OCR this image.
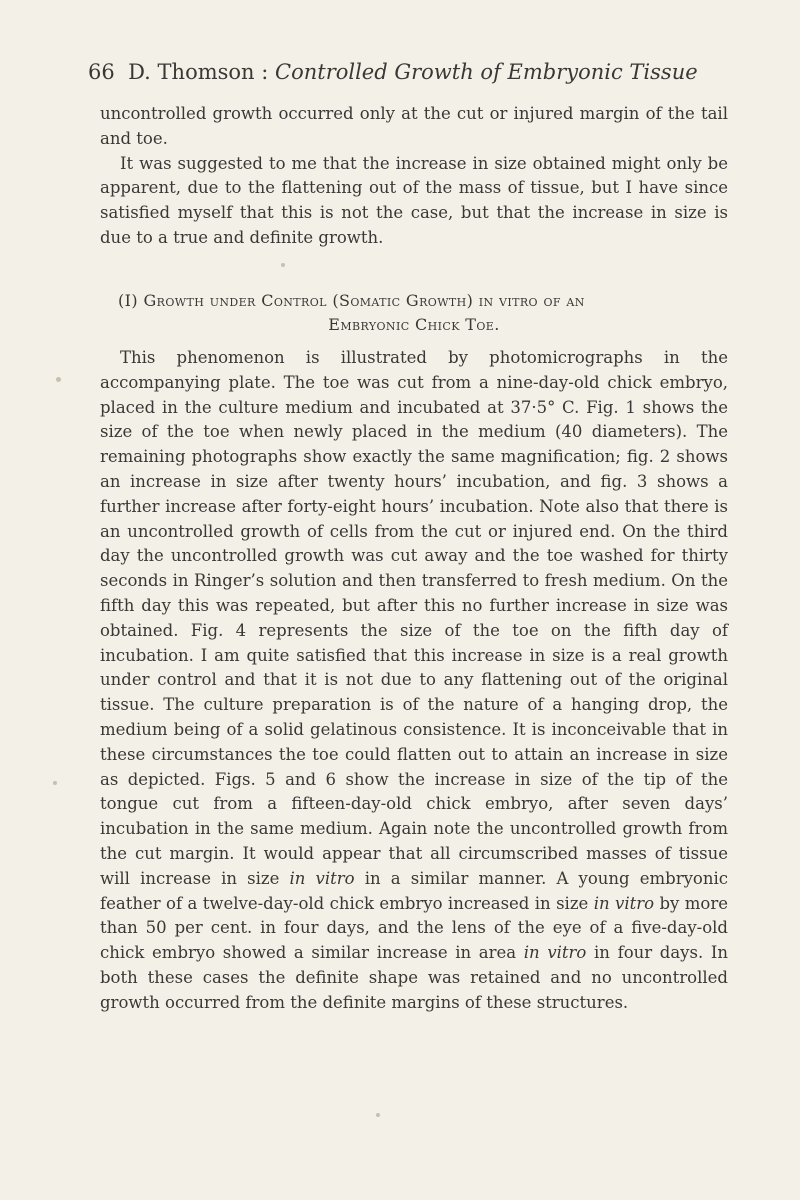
66 D. Thomson : Controlled Growth of Embryonic Tissue

uncontrolled growth occurred only at the cut or injured margin of the tail and toe.

It was suggested to me that the increase in size obtained might only be apparent, due to the flattening out of the mass of tissue, but I have since satisfied myself that this is not the case, but that the increase in size is due to a true and definite growth.

(I) Growth under Control (Somatic Growth) in vitro of an
Embryonic Chick Toe.

This phenomenon is illustrated by photomicrographs in the accompanying plate. The toe was cut from a nine-day-old chick embryo, placed in the culture medium and incubated at 37·5° C. Fig. 1 shows the size of the toe when newly placed in the medium (40 diameters). The remaining photographs show exactly the same magnification; fig. 2 shows an increase in size after twenty hours’ incubation, and fig. 3 shows a further increase after forty-eight hours’ incubation. Note also that there is an uncontrolled growth of cells from the cut or injured end. On the third day the uncontrolled growth was cut away and the toe washed for thirty seconds in Ringer’s solution and then transferred to fresh medium. On the fifth day this was repeated, but after this no further increase in size was obtained. Fig. 4 represents the size of the toe on the fifth day of incubation. I am quite satisfied that this increase in size is a real growth under control and that it is not due to any flattening out of the original tissue. The culture preparation is of the nature of a hanging drop, the medium being of a solid gelatinous consistence. It is inconceivable that in these circumstances the toe could flatten out to attain an increase in size as depicted. Figs. 5 and 6 show the increase in size of the tip of the tongue cut from a fifteen-day-old chick embryo, after seven days’ incubation in the same medium. Again note the uncontrolled growth from the cut margin. It would appear that all circumscribed masses of tissue will increase in size in vitro in a similar manner. A young embryonic feather of a twelve-day-old chick embryo increased in size in vitro by more than 50 per cent. in four days, and the lens of the eye of a five-day-old chick embryo showed a similar increase in area in vitro in four days. In both these cases the definite shape was retained and no uncontrolled growth occurred from the definite margins of these structures.
